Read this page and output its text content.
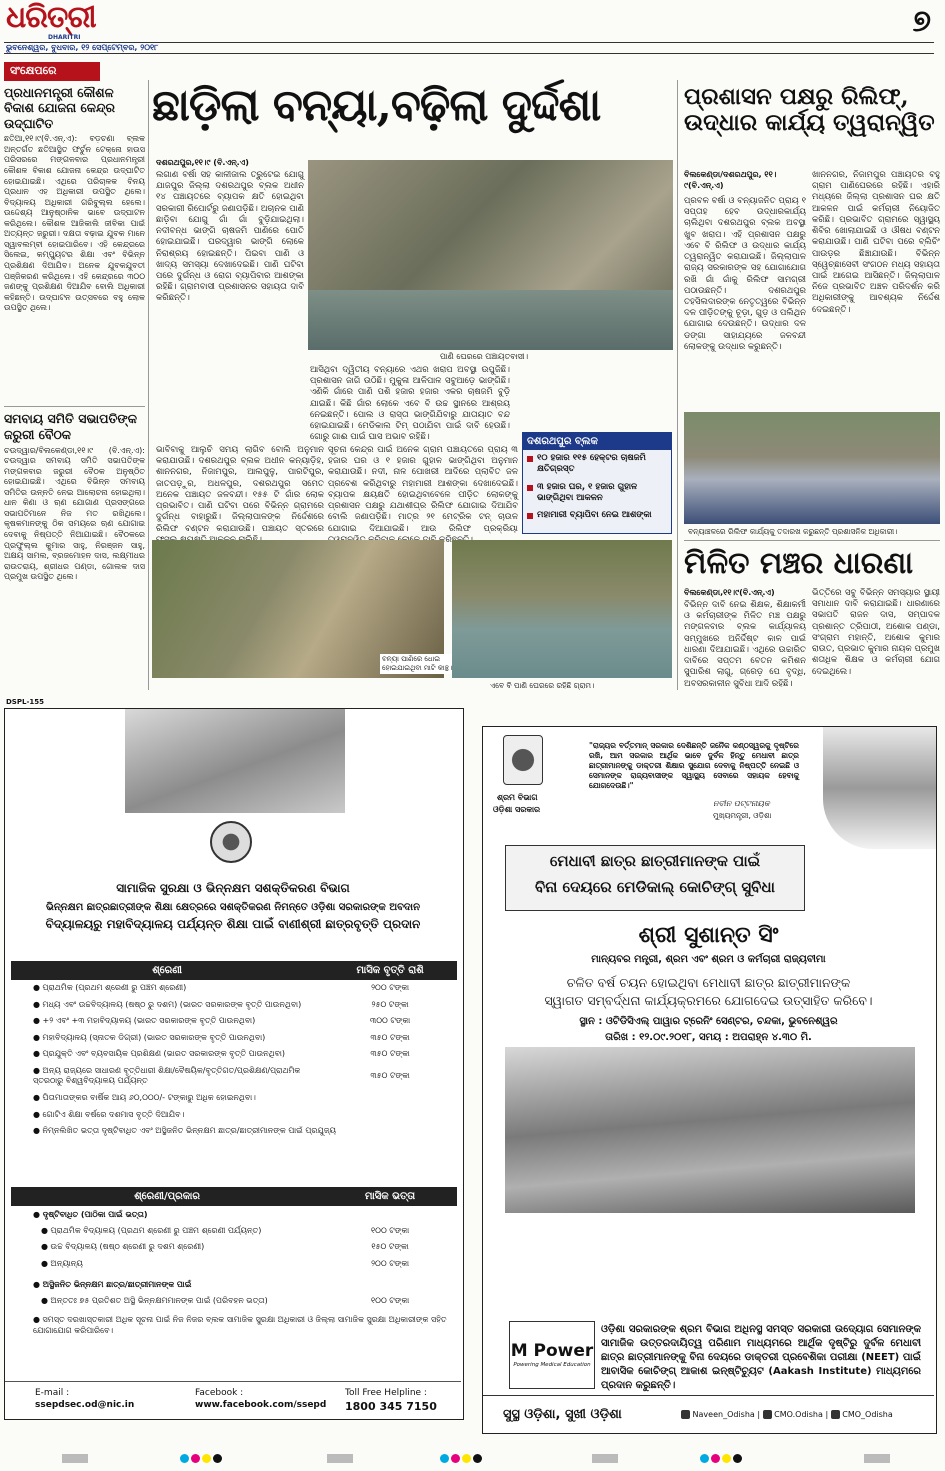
ଧରିତ୍ରୀ
DHARITRI
ଭୁବନେଶ୍ୱର, ବୁଧବାର, ୧୨ ସେପ୍ଟେମ୍ବର, ୨୦୧୮
୭
ସଂକ୍ଷେପରେ
ପ୍ରଧାନମନ୍ତ୍ରୀ କୌଶଳ ବିକାଶ ଯୋଜନା କେନ୍ଦ୍ର ଉଦ୍‌ଘାଟିତ
ଛତିଆ,୧୧।୯(ବି.ଏନ୍.ଏ): ବଡ଼ଚଣା ବ୍ଲକ ଅନ୍ତର୍ଗତ ଛତିଆସ୍ଥିତ ଫର୍ଚୁନ ଟେକ୍ନୋ ହାଉସ ପରିସରରେ ମଙ୍ଗଳବାର ପ୍ରଧାନମନ୍ତ୍ରୀ କୌଶଳ ବିକାଶ ଯୋଜନା କେନ୍ଦ୍ର ଉଦ୍‌ଘାଟିତ ହୋଇଯାଇଛି। ଏଥିରେ ପରିଚାଳକ ବିନୟ ପ୍ରଧାନ ଏହ ଅଧିକାରୀ ଉପସ୍ଥିତ ଥିଲେ। ବିଦ୍ୟାଳୟ ଅଧିକାରୀ ଗରିବୁଲ୍ଲ ହେଲେ। ଉଦ୍ଦେଶ୍ୟ ଆନୁଷ୍ଠାନିକ ଭାବେ ଉଦ୍‌ଘାଟନ କରିଥିଲେ। କୌଶଳ ଆଜିକାଲି ଜୀବିକା ପାଇଁ ଅତ୍ୟନ୍ତ ଜରୁରୀ। ଦକ୍ଷତା ବଢ଼ାଇ ଯୁବକ ମାନେ ସ୍ୱାବଲମ୍ବୀ ହୋଇପାରିବେ। ଏହି କେନ୍ଦ୍ରରେ ସିଲେଇ, କମ୍ପ୍ୟୁଟର ଶିକ୍ଷା ଏବଂ ବିଭିନ୍ନ ପ୍ରଶିକ୍ଷଣ ଦିଆଯିବ। ଅନେକ ଯୁବକଯୁବତୀ ପଞ୍ଜିକରଣ କରିଥିଲେ। ଏହି କେନ୍ଦ୍ରରେ ୩୦୦ ଜଣଙ୍କୁ ପ୍ରଶିକ୍ଷଣ ଦିଆଯିବ ବୋଲି ଅଧିକାରୀ କହିଛନ୍ତି। ଉଦ୍‌ଘାଟନ ଉତ୍ସବରେ ବହୁ ଲୋକ ଉପସ୍ଥିତ ଥିଲେ।
ସମବାୟ ସମିତି ସଭାପତିଙ୍କ ଜରୁରୀ ବୈଠକ
ଚଉଦ୍ୱାର/ବିଲକେଣ୍ଡା,୧୧।୯ (ବି.ଏନ୍.ଏ): ଚଉଦ୍ୱାର ସମବାୟ ସମିତି ସଭାପତିଙ୍କ ମଙ୍ଗଳବାର ଜରୁରୀ ବୈଠକ ଅନୁଷ୍ଠିତ ହୋଇଯାଇଛି। ଏଥିରେ ବିଭିନ୍ନ ସମବାୟ ସମିତିର ଉନ୍ନତି ନେଇ ଆଲୋଚନା ହୋଇଥିଲା। ଧାନ କିଣା ଓ ଋଣ ଯୋଗାଣ ପ୍ରସଙ୍ଗରେ ସଭାପତିମାନେ ନିଜ ମତ ରଖିଥିଲେ। କୃଷକମାନଙ୍କୁ ଠିକ ସମୟରେ ଋଣ ଯୋଗାଇ ଦେବାକୁ ନିଷ୍ପତ୍ତି ନିଆଯାଇଛି। ବୈଠକରେ ପ୍ରଫୁଲ୍ଲ କୁମାର ସାହୁ, ନିରଞ୍ଜନ ସାହୁ, ଅକ୍ଷୟ ସାମଲ, ବ୍ରଜମୋହନ ଦାସ, ଲକ୍ଷ୍ମୀଧର ରାଉତରାୟ, ଶ୍ରୀଧର ପଣ୍ଡା, ଗୋଲକ ଦାସ ପ୍ରମୁଖ ଉପସ୍ଥିତ ଥିଲେ।
ଛାଡ଼ିଲା ବନ୍ୟା,ବଢ଼ିଲା ଦୁର୍ଦ୍ଦଶା
ଦଶରଥପୁର,୧୧।୯ (ବି.ଏନ୍.ଏ)
ଲଗାଣ ବର୍ଷା ସହ କାଳୀଜାଲ ତ୍ରୁଟେଇ ଯୋଗୁ ଯାଜପୁର ଜିଲ୍ଲା ଦଶରଥପୁର ବ୍ଲକ ଅଧୀନ ୧୪ ପଞ୍ଚାୟତରେ ବ୍ୟାପକ କ୍ଷତି ହୋଇଥିବା ସରକାରୀ ରିପୋର୍ଟରୁ ଜଣାପଡ଼ିଛି। ଅଚାନକ ପାଣି ଛାଡ଼ିବା ଯୋଗୁ ଗାଁ ଗାଁ ବୁଡ଼ିଯାଇଥିଲା। ନଦୀବନ୍ଧ ଭାଙ୍ଗି ଚାଷଜମି ପାଣିରେ ପୋତି ହୋଇଯାଇଛି। ଘରଦ୍ୱାର ଭାଙ୍ଗି ଲୋକେ ନିରାଶ୍ରୟ ହୋଇଛନ୍ତି। ପିଇବା ପାଣି ଓ ଖାଦ୍ୟ ସମସ୍ୟା ଦେଖାଦେଇଛି। ପାଣି ଘଟିବା ପରେ ଦୁର୍ଗନ୍ଧ ଓ ରୋଗ ବ୍ୟାପିବାର ଆଶଙ୍କା ରହିଛି। ଗ୍ରାମବାସୀ ପ୍ରଶାସନର ସହାୟତା ଦାବି କରିଛନ୍ତି।
ପାଣି ଘେରରେ ପଞ୍ଚାୟତବାସୀ।
ଆସିଥିବା ଦ୍ୱିତୀୟ ବନ୍ୟାରେ ଏଥର ଖରାପ ଅବସ୍ଥା ଉପୁଜିଛି। ପ୍ରଶାସନ ଜାଗି ଉଠିଛି। ମୁକୁଳା ଆଳିପାଳ ସବୁଆଡ଼େ ଭାଙ୍ଗିଛି। ଏଣିକି ଗାଁରେ ପାଣି ପଶି ହଜାର ହଜାର ଏକର ଚାଷଜମି ବୁଡ଼ି ଯାଇଛି। କିଛି ଗାଁର ଲୋକେ ଏବେ ବି ଉଚ୍ଚ ସ୍ଥାନରେ ଆଶ୍ରୟ ନେଇଛନ୍ତି। ପୋଲ ଓ ରାସ୍ତା ଭାଙ୍ଗିଯିବାରୁ ଯାତାୟାତ ବନ୍ଦ ହୋଇଯାଇଛି। ମେଡିକାଲ ଟିମ୍ ପଠାଯିବା ପାଇଁ ଦାବି ହେଉଛି। ଗୋରୁ ଗାଈ ପାଇଁ ଘାସ ଅଭାବ ରହିଛି।
ଭାବିବାକୁ ଆଲୁଚି ସମୟ ଲାଗିବ ବୋଲି ଅନୁମାନ କରାଯାଉଛି। ଦଶରଥପୁର ବ୍ଲକ ଅଧୀନ କନ୍ୟାଡ଼ିହ, ଶାନନଗର, ନିଜାମପୁର, ଆଲପୁଳୁ, ପାରଟିପୁର, ଜାତପଡ଼ୁର, ଅଧଳପୁର, ଦଶରଥପୁର ସମେତ ଅନେକ ପଞ୍ଚାୟତ ଜଳବନ୍ଦୀ। ୧୫୫ ଟି ଗାଁର ଲୋକ ପ୍ରଭାବିତ। ପାଣି ଘଟିବା ପରେ ବିଭିନ୍ନ ଗ୍ରାମରେ ଦୁର୍ଗନ୍ଧ ବାହାରୁଛି। ଜିଲ୍ଲାପାଳଙ୍କ ନିର୍ଦ୍ଦେଶରେ ରିଲିଫ ବଣ୍ଟନ କରାଯାଉଛି। ପଞ୍ଚାୟତ ସ୍ତରରେ
ସୂଚନା କେନ୍ଦ୍ର ପାଇଁ ଅନେକ ଗ୍ରାମ ପଞ୍ଚାୟତରେ ପ୍ରାୟ ୩ ହଜାର ଘର ଓ ୧ ହଜାର ଗୁହାଳ ଭାଙ୍ଗିଥିବା ଅନୁମାନ କରାଯାଉଛି। ନଦୀ, ନାଳ ପୋଖରୀ ଆଦିରେ ପ୍ଲାବିତ ଜଳ ପ୍ରବେଶ କରିଥିବାରୁ ମହାମାରୀ ଆଶଙ୍କା ଦେଖାଦେଇଛି। ବ୍ୟାପକ କ୍ଷୟକ୍ଷତି ହୋଇଥିବାବେଳେ ପୀଡ଼ିତ ଲୋକଙ୍କୁ ପ୍ରଶାସନ ପକ୍ଷରୁ ଯଥାଶୀଘ୍ର ରିଲିଫ ଯୋଗାଇ ଦିଆଯିବ ବୋଲି ଜଣାପଡ଼ିଛି। ମାତ୍ର ୨୧ ମେଟ୍ରିକ ଟନ୍ ଚାଉଳ ଯୋଗାଇ ଦିଆଯାଇଛି। ଆଉ ରିଲିଫ ପ୍ରକ୍ରିୟା
ଦଶରଥପୁର ବ୍ଲକ
୧୦ ହଜାର ୧୧୫ ହେକ୍ଟର ଚାଷଜମି କ୍ଷତିଗ୍ରସ୍ତ
୩ ହଜାର ଘର, ୧ ହଜାର ଗୁହାଳ ଭାଙ୍ଗିଥିବା ଆକଳନ
ମହାମାରୀ ବ୍ୟାପିବା ନେଇ ଆଶଙ୍କା
ବନ୍ୟା ପାଣିରେ ଧୋଇ ହୋଇଯାଇଥିବା ମାଟି କାନ୍ଥ।
ଏବେ ବି ପାଣି ଘେରରେ ରହିଛି ଗ୍ରାମ।
ପ୍ରଶାସନ ପକ୍ଷରୁ ରିଲିଫ୍, ଉଦ୍ଧାର କାର୍ଯ୍ୟ ତ୍ୱରାନ୍ୱିତ
ବିଲକେଣ୍ଡା/ଦଶରଥପୁର, ୧୧।୯(ବି.ଏନ୍.ଏ)
ପ୍ରବଳ ବର୍ଷା ଓ ବନ୍ୟାଜନିତ ପ୍ରାୟ ୧ ସପ୍ତାହ ହେବ ଉଦ୍ଧାରକାର୍ଯ୍ୟ ଚାଲିଥିବା ଦଶରଥପୁର ବ୍ଲକ ଅବସ୍ଥା ଖୁବ ଖରାପ। ଏହି ପ୍ରଶାସନ ପକ୍ଷରୁ ଏବେ ବି ରିଲିଫ ଓ ଉଦ୍ଧାର କାର୍ଯ୍ୟ ତ୍ୱରାନ୍ୱିତ କରାଯାଇଛି। ଜିଲ୍ଲାପାଳ ରାଜ୍ୟ ସରକାରଙ୍କ ସହ ଯୋଗାଯୋଗ ରଖି ଗାଁ ଗାଁକୁ ରିଲିଫ ସାମଗ୍ରୀ ପଠାଉଛନ୍ତି। ଦଶରଥପୁର ତହସିଲଦାରଙ୍କ ନେତୃତ୍ୱରେ ବିଭିନ୍ନ ଦଳ ପୀଡ଼ିତଙ୍କୁ ଚୂଡ଼ା, ଗୁଡ଼ ଓ ପଲିଥିନ ଯୋଗାଇ ଦେଉଛନ୍ତି। ଉଦ୍ଧାର ଦଳ ଡଙ୍ଗା ସାହାଯ୍ୟରେ ଜଳବନ୍ଦୀ ଲୋକଙ୍କୁ ଉଦ୍ଧାର କରୁଛନ୍ତି।
ଖାନନଗର, ନିଜାମପୁର ପଞ୍ଚାୟତର ବହୁ ଗ୍ରାମ ପାଣିଘେରରେ ରହିଛି। ଏହାରି ମଧ୍ୟରେ ଜିଲ୍ଲା ପ୍ରଶାସନ ଘର କ୍ଷତି ଆକଳନ ପାଇଁ କର୍ମଚାରୀ ନିୟୋଜିତ କରିଛି। ପ୍ରଭାବିତ ଗ୍ରାମରେ ସ୍ୱାସ୍ଥ୍ୟ ଶିବିର ଖୋଲାଯାଇଛି ଓ ଔଷଧ ବଣ୍ଟନ କରାଯାଉଛି। ପାଣି ଘଟିବା ପରେ ବ୍ଲିଚିଂ ପାଉଡ଼ର ଛିଞ୍ଚାଯାଉଛି। ବିଭିନ୍ନ ସ୍ୱେଚ୍ଛାସେବୀ ସଂଗଠନ ମଧ୍ୟ ସହାୟତା ପାଇଁ ଆଗେଇ ଆସିଛନ୍ତି। ଜିଲ୍ଲାପାଳ ନିଜେ ପ୍ରଭାବିତ ଅଞ୍ଚଳ ପରିଦର୍ଶନ କରି ଅଧିକାରୀଙ୍କୁ ଆବଶ୍ୟକ ନିର୍ଦ୍ଦେଶ ଦେଇଛନ୍ତି।
ବନ୍ୟାଞ୍ଚଳରେ ରିଲିଫ କାର୍ଯ୍ୟକୁ ତଦାରଖ କରୁଛନ୍ତି ପ୍ରଶାସନିକ ଅଧିକାରୀ।
ମିଳିତ ମଞ୍ଚର ଧାରଣା
ବିଲକେଣ୍ଡା,୧୧।୯(ବି.ଏନ୍.ଏ)
ବିଭିନ୍ନ ଦାବି ନେଇ ଶିକ୍ଷକ, ଶିକ୍ଷାକର୍ମୀ ଓ କର୍ମଚାରୀଙ୍କ ମିଳିତ ମଞ୍ଚ ପକ୍ଷରୁ ମଙ୍ଗଳବାର ବ୍ଲକ କାର୍ଯ୍ୟାଳୟ ସମ୍ମୁଖରେ ଅନିର୍ଦ୍ଦିଷ୍ଟ କାଳ ପାଇଁ ଧାରଣା ଦିଆଯାଇଛି। ଏଥିରେ ଉଚ୍ଚାରିତ ଦାବିରେ ସପ୍ତମ ବେତନ କମିଶନ ସୁପାରିଶ ଲାଗୁ, ଗ୍ରେଡ଼ ପେ ବୃଦ୍ଧି, ଅବସରକାଳୀନ ସୁବିଧା ଆଦି ରହିଛି।
ଭିତ୍ତିରେ ସବୁ ବିଭିନ୍ନ ସମସ୍ୟାର ସ୍ଥାୟୀ ସମାଧାନ ଦାବି କରାଯାଇଛି। ଧାରଣାରେ ସଭାପତି ରାଜନ ଦାସ, ସମ୍ପାଦକ ପ୍ରଶାନ୍ତ ତ୍ରିପାଠୀ, ଅଶୋକ ପଣ୍ଡା, ସଂଗ୍ରାମ ମହାନ୍ତି, ଅଶୋକ କୁମାର ରାଉତ, ପ୍ରଭାତ କୁମାର ନାୟକ ପ୍ରମୁଖ ଶତାଧିକ ଶିକ୍ଷକ ଓ କର୍ମଚାରୀ ଯୋଗ ଦେଇଥିଲେ।
DSPL-155
ସାମାଜିକ ସୁରକ୍ଷା ଓ ଭିନ୍ନକ୍ଷମ ସଶକ୍ତିକରଣ ବିଭାଗ
ଭିନ୍ନକ୍ଷମ ଛାତ୍ରଛାତ୍ରୀଙ୍କ ଶିକ୍ଷା କ୍ଷେତ୍ରରେ ସଶକ୍ତିକରଣ ନିମନ୍ତେ ଓଡ଼ିଶା ସରକାରଙ୍କ ଅବଦାନ
ବିଦ୍ୟାଳୟରୁ ମହାବିଦ୍ୟାଳୟ ପର୍ଯ୍ୟନ୍ତ ଶିକ୍ଷା ପାଇଁ ବାଣୀଶ୍ରୀ ଛାତ୍ରବୃତ୍ତି ପ୍ରଦାନ
ଶ୍ରେଣୀ	ମାସିକ ବୃତ୍ତି ରାଶି
● ପ୍ରାଥମିକ (ପ୍ରଥମ ଶ୍ରେଣୀ ରୁ ପଞ୍ଚମ ଶ୍ରେଣୀ)	୨୦୦ ଟଙ୍କା
● ମଧ୍ୟ ଏବଂ ଉଚ୍ଚବିଦ୍ୟାଳୟ (ଷଷ୍ଠ ରୁ ଦଶମ) (ଭାରତ ସରକାରଙ୍କ ବୃତ୍ତି ପାଉନଥିବା)	୨୫୦ ଟଙ୍କା
● +୨ ଏବଂ +୩ ମହାବିଦ୍ୟାଳୟ (ଭାରତ ସରକାରଙ୍କ ବୃତ୍ତି ପାଉନଥିବା)	୩୦୦ ଟଙ୍କା
● ମହାବିଦ୍ୟାଳୟ (ସ୍ନାତକ ଡିଗ୍ରୀ) (ଭାରତ ସରକାରଙ୍କ ବୃତ୍ତି ପାଉନଥିବା)	୩୫୦ ଟଙ୍କା
● ପ୍ରଯୁକ୍ତି ଏବଂ ବ୍ୟବସାୟିକ ପ୍ରଶିକ୍ଷଣ (ଭାରତ ସରକାରଙ୍କ ବୃତ୍ତି ପାଉନଥିବା)	୩୫୦ ଟଙ୍କା
● ଅନ୍ୟ ରାଜ୍ୟରେ ସାଧାରଣ ବୃତ୍ତିଧାରୀ ଶିକ୍ଷା/ବୈଷୟିକ/ବୃତ୍ତିଗତ/ପ୍ରଶିକ୍ଷଣ/ପ୍ରାଥମିକ ସ୍ତରଠାରୁ ବିଶ୍ୱବିଦ୍ୟାଳୟ ପର୍ଯ୍ୟନ୍ତ	୩୫୦ ଟଙ୍କା
● ପିତାମାତାଙ୍କର ବାର୍ଷିକ ଆୟ ୬୦,୦୦୦/- ଟଙ୍କାରୁ ଅଧିକ ହୋଇନଥିବା।	
● ଗୋଟିଏ ଶିକ୍ଷା ବର୍ଷରେ ଦଶମାସ ବୃତ୍ତି ଦିଆଯିବ।	
● ନିମ୍ନଲିଖିତ ଭତ୍ତା ଦୃଷ୍ଟିବାଧିତ ଏବଂ ଅସ୍ଥିଜନିତ ଭିନ୍ନକ୍ଷମ ଛାତ୍ର/ଛାତ୍ରୀମାନଙ୍କ ପାଇଁ ପ୍ରଯୁଜ୍ୟ	
ଶ୍ରେଣୀ/ପ୍ରକାର	ମାସିକ ଭତ୍ତା
● ଦୃଷ୍ଟିବାଧିତ (ପାଠିକା ପାଇଁ ଭତ୍ତା)	
● ପ୍ରାଥମିକ ବିଦ୍ୟାଳୟ (ପ୍ରଥମ ଶ୍ରେଣୀ ରୁ ପଞ୍ଚମ ଶ୍ରେଣୀ ପର୍ଯ୍ୟନ୍ତ)	୧୦୦ ଟଙ୍କା
● ଉଚ୍ଚ ବିଦ୍ୟାଳୟ (ଷଷ୍ଠ ଶ୍ରେଣୀ ରୁ ଦଶମ ଶ୍ରେଣୀ)	୧୫୦ ଟଙ୍କା
● ଅନ୍ୟାନ୍ୟ	୨୦୦ ଟଙ୍କା
● ଅସ୍ଥିଜନିତ ଭିନ୍ନକ୍ଷମ ଛାତ୍ର/ଛାତ୍ରୀମାନଙ୍କ ପାଇଁ	
● ଅନ୍ତତଃ ୭୫ ପ୍ରତିଶତ ଅସ୍ଥି ଭିନ୍ନକ୍ଷମମାନଙ୍କ ପାଇଁ (ପରିବହନ ଭତ୍ତା)	୧୦୦ ଟଙ୍କା
● ସମସ୍ତ ଦରଖାସ୍ତକାରୀ ଅଧିକ ସୂଚନା ପାଇଁ ନିଜ ନିଜର ବ୍ଲକ ସାମାଜିକ ସୁରକ୍ଷା ଅଧିକାରୀ ଓ ଜିଲ୍ଲା ସାମାଜିକ ସୁରକ୍ଷା ଅଧିକାରୀଙ୍କ ସହିତ ଯୋଗାଯୋଗ କରିପାରିବେ।	
E-mail :
ssepdsec.od@nic.in
Facebook :
www.facebook.com/ssepd
Toll Free Helpline :
1800 345 7150
ଶ୍ରମ ବିଭାଗ
ଓଡ଼ିଶା ସରକାର
"ରାଜ୍ୟର ବର୍ତ୍ତମାନ୍ ସରକାର ଦେଶିଛନ୍ତି ଜନୈକ କଣ୍ଠସ୍ୱରକୁ ଦୃଷ୍ଟିରେ ରଖି, ଆମ ସରକାର ଆର୍ଥିକ ଭାବେ ଦୁର୍ବଳ ହିନ୍ତୁ ମେଧାବୀ ଛାତ୍ର ଛାତ୍ରୀମାନଙ୍କୁ ଡାକ୍ତରୀ ଶିକ୍ଷାର ସୁଯୋଗ ଦେବାକୁ ନିଷ୍ପତ୍ତି ନେଇଛି ଓ ସେମାନଙ୍କ ରାଜ୍ୟବାସୀଙ୍କ ସ୍ୱାସ୍ଥ୍ୟ ସେବାରେ ସହାୟକ ହେବାକୁ ଯୋଗଦେଉଛି।"
ନବୀନ ପଟ୍ଟନାୟକ
ମୁଖ୍ୟମନ୍ତ୍ରୀ, ଓଡ଼ିଶା
ମେଧାବୀ ଛାତ୍ର ଛାତ୍ରୀମାନଙ୍କ ପାଇଁ
ବିନା ଦେୟରେ ମେଡିକାଲ୍ କୋଚିଙ୍ଗ୍ ସୁବିଧା
ଶ୍ରୀ ସୁଶାନ୍ତ ସିଂ
ମାନ୍ୟବର ମନ୍ତ୍ରୀ, ଶ୍ରମ ଏବଂ ଶ୍ରମ ଓ କର୍ମଚାରୀ ରାଜ୍ୟବୀମା
ଚଳିତ ବର୍ଷ ଚୟନ ହୋଇଥିବା ମେଧାବୀ ଛାତ୍ର ଛାତ୍ରୀମାନଙ୍କ
ସ୍ୱାଗତ ସମ୍ବର୍ଦ୍ଧନା କାର୍ଯ୍ୟକ୍ରମରେ ଯୋଗଦେଇ ଉତ୍ସାହିତ କରିବେ।
ସ୍ଥାନ : ଓଟିଡିସିଏଲ୍ ପାୱାର ଟ୍ରେନିଂ ସେଣ୍ଟର, ଚନ୍ଦକା, ଭୁବନେଶ୍ୱର
ତାରିଖ : ୧୨.୦୯.୨୦୧୮, ସମୟ : ଅପରାହ୍ନ ୪.୩୦ ମି.
M Power
Powering Medical Education
ଓଡ଼ିଶା ସରକାରଙ୍କ ଶ୍ରମ ବିଭାଗ ଅଧିନସ୍ଥ ସମସ୍ତ ସରକାରୀ ଉଦ୍ୟୋଗ ସେମାନଙ୍କ ସାମାଜିକ ଉତ୍ତରଦାୟିତ୍ୱ ପରିଣାମ ମାଧ୍ୟମରେ ଆର୍ଥିକ ଦୃଷ୍ଟିରୁ ଦୁର୍ବଳ ମେଧାବୀ ଛାତ୍ର ଛାତ୍ରୀମାନଙ୍କୁ ବିନା ଦେୟରେ ଡାକ୍ତରୀ ପ୍ରବେଶିକା ପରୀକ୍ଷା (NEET) ପାଇଁ ଆବାସିକ କୋଚିଙ୍ଗ୍ ଆକାଶ ଇନ୍‌ଷ୍ଟିଚ୍ୟୁଟ (Aakash Institute) ମାଧ୍ୟମରେ ପ୍ରଦାନ କରୁଛନ୍ତି।
ସୁସ୍ଥ ଓଡ଼ିଶା, ସୁଖୀ ଓଡ଼ିଶା	Naveen_Odisha |  CMO.Odisha |  CMO_Odisha
